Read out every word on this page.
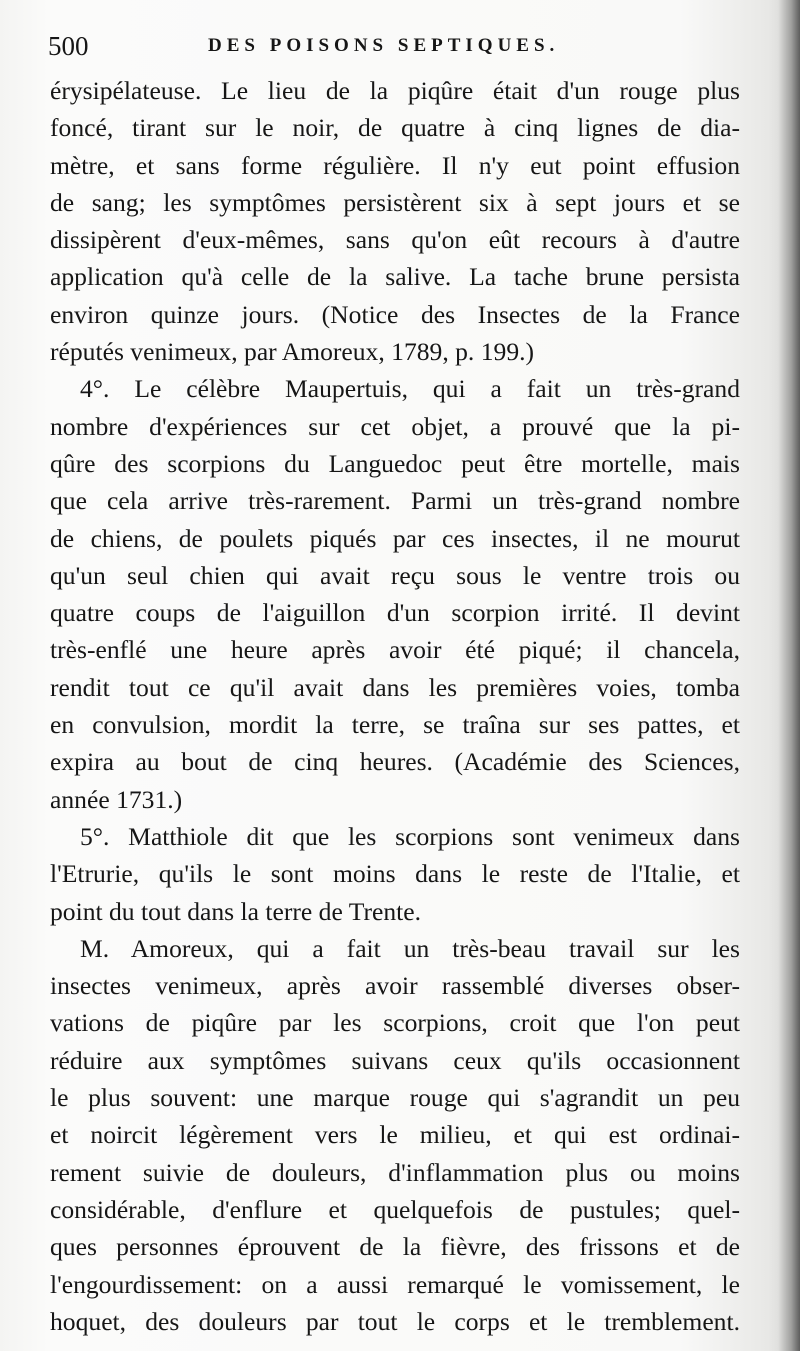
500	DES POISONS SEPTIQUES.
érysipélateuse. Le lieu de la piqûre était d'un rouge plus
foncé, tirant sur le noir, de quatre à cinq lignes de dia-
mètre, et sans forme régulière. Il n'y eut point effusion
de sang; les symptômes persistèrent six à sept jours et se
dissipèrent d'eux-mêmes, sans qu'on eût recours à d'autre
application qu'à celle de la salive. La tache brune persista
environ quinze jours. (Notice des Insectes de la France
réputés venimeux, par Amoreux, 1789, p. 199.)
4°. Le célèbre Maupertuis, qui a fait un très-grand
nombre d'expériences sur cet objet, a prouvé que la pi-
qûre des scorpions du Languedoc peut être mortelle, mais
que cela arrive très-rarement. Parmi un très-grand nombre
de chiens, de poulets piqués par ces insectes, il ne mourut
qu'un seul chien qui avait reçu sous le ventre trois ou
quatre coups de l'aiguillon d'un scorpion irrité. Il devint
très-enflé une heure après avoir été piqué; il chancela,
rendit tout ce qu'il avait dans les premières voies, tomba
en convulsion, mordit la terre, se traîna sur ses pattes, et
expira au bout de cinq heures. (Académie des Sciences,
année 1731.)
5°. Matthiole dit que les scorpions sont venimeux dans
l'Etrurie, qu'ils le sont moins dans le reste de l'Italie, et
point du tout dans la terre de Trente.
M. Amoreux, qui a fait un très-beau travail sur les
insectes venimeux, après avoir rassemblé diverses obser-
vations de piqûre par les scorpions, croit que l'on peut
réduire aux symptômes suivans ceux qu'ils occasionnent
le plus souvent: une marque rouge qui s'agrandit un peu
et noircit légèrement vers le milieu, et qui est ordinai-
rement suivie de douleurs, d'inflammation plus ou moins
considérable, d'enflure et quelquefois de pustules; quel-
ques personnes éprouvent de la fièvre, des frissons et de
l'engourdissement: on a aussi remarqué le vomissement, le
hoquet, des douleurs par tout le corps et le tremblement.
